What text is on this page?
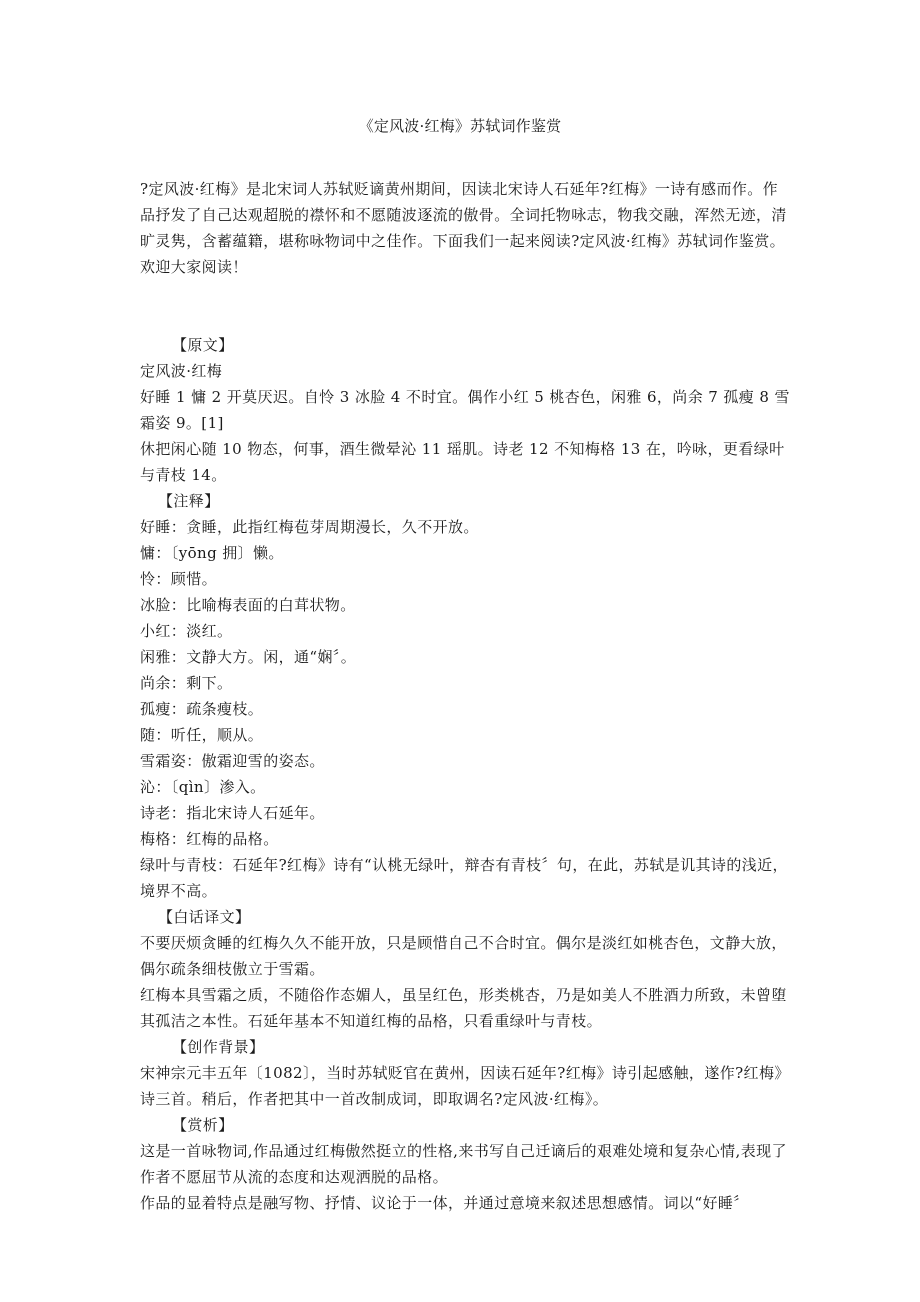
《定风波·红梅》苏轼词作鉴赏

?定风波·红梅》是北宋词人苏轼贬谪黄州期间，因读北宋诗人石延年?红梅》一诗有感而作。作品抒发了自己达观超脱的襟怀和不愿随波逐流的傲骨。全词托物咏志，物我交融，浑然无迹，清旷灵隽，含蓄蕴籍，堪称咏物词中之佳作。下面我们一起来阅读?定风波·红梅》苏轼词作鉴赏。欢迎大家阅读！

【原文】

定风波·红梅

好睡 1 慵 2 开莫厌迟。自怜 3 冰脸 4 不时宜。偶作小红 5 桃杏色，闲雅 6，尚余 7 孤瘦 8 雪霜姿 9。[1]

休把闲心随 10 物态，何事，酒生微晕沁 11 瑶肌。诗老 12 不知梅格 13 在，吟咏，更看绿叶与青枝 14。

【注释】

好睡：贪睡，此指红梅苞芽周期漫长，久不开放。

慵：〔yōng 拥〕懒。

怜：顾惜。

冰脸：比喻梅表面的白茸状物。

小红：淡红。

闲雅：文静大方。闲，通“娴〞。

尚余：剩下。

孤瘦：疏条瘦枝。

随：听任，顺从。

雪霜姿：傲霜迎雪的姿态。

沁：〔qìn〕渗入。

诗老：指北宋诗人石延年。

梅格：红梅的品格。

绿叶与青枝：石延年?红梅》诗有“认桃无绿叶，辩杏有青枝〞句，在此，苏轼是讥其诗的浅近，境界不高。

【白话译文】

不要厌烦贪睡的红梅久久不能开放，只是顾惜自己不合时宜。偶尔是淡红如桃杏色，文静大放，偶尔疏条细枝傲立于雪霜。

红梅本具雪霜之质，不随俗作态媚人，虽呈红色，形类桃杏，乃是如美人不胜酒力所致，未曾堕其孤洁之本性。石延年基本不知道红梅的品格，只看重绿叶与青枝。

【创作背景】

宋神宗元丰五年〔1082〕，当时苏轼贬官在黄州，因读石延年?红梅》诗引起感触，遂作?红梅》诗三首。稍后，作者把其中一首改制成词，即取调名?定风波·红梅》。

【赏析】

这是一首咏物词,作品通过红梅傲然挺立的性格,来书写自己迁谪后的艰难处境和复杂心情,表现了作者不愿屈节从流的态度和达观洒脱的品格。

作品的显着特点是融写物、抒情、议论于一体，并通过意境来叙述思想感情。词以“好睡〞
